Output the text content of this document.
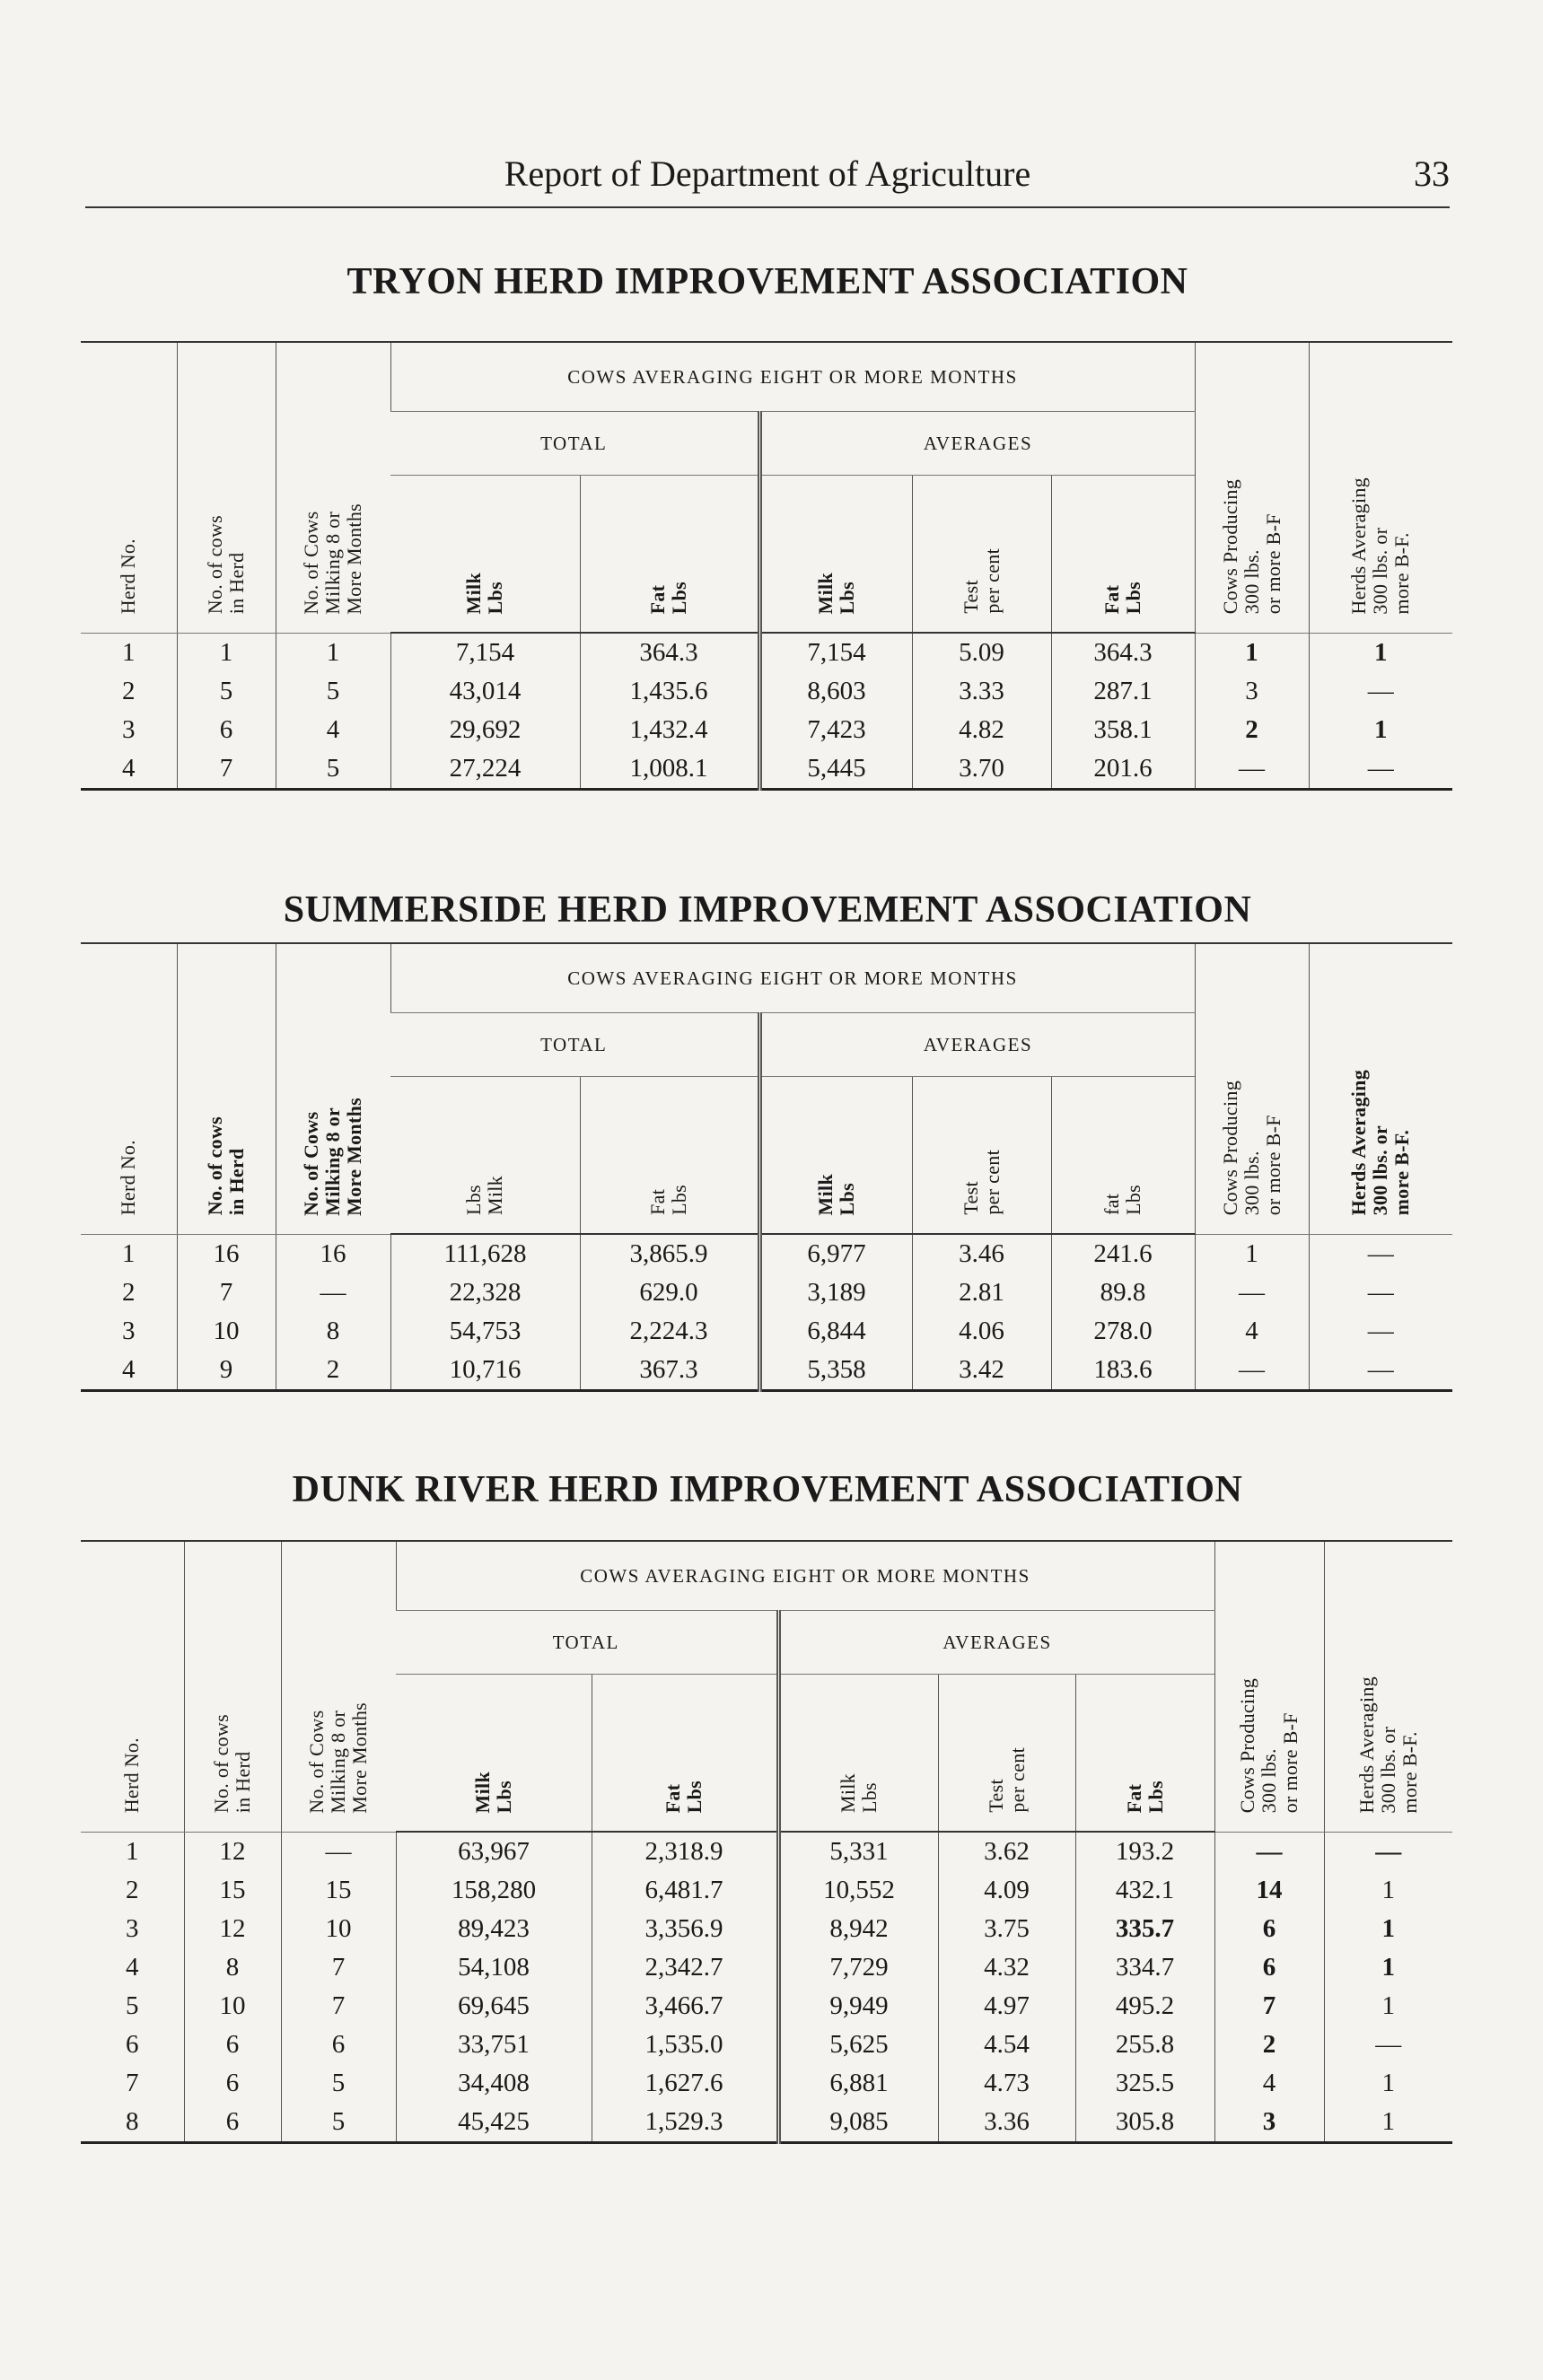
Report of Department of Agriculture	33
TRYON HERD IMPROVEMENT ASSOCIATION
Herd No.	No. of cows
in Herd	No. of Cows
Milking 8 or
More Months	COWS AVERAGING EIGHT OR MORE MONTHS					Cows Producing
300 lbs.
or more B-F	Herds Averaging
300 lbs. or
more B-F.
			TOTAL		AVERAGES				
			Milk
Lbs	Fat
Lbs	Milk
Lbs	Test
per cent	Fat
Lbs		
1	1	1	7,154	364.3	7,154	5.09	364.3	1	1
2	5	5	43,014	1,435.6	8,603	3.33	287.1	3	—
3	6	4	29,692	1,432.4	7,423	4.82	358.1	2	1
4	7	5	27,224	1,008.1	5,445	3.70	201.6	—	—
SUMMERSIDE HERD IMPROVEMENT ASSOCIATION
Herd No.	No. of cows
in Herd	No. of Cows
Milking 8 or
More Months	COWS AVERAGING EIGHT OR MORE MONTHS					Cows Producing
300 lbs.
or more B-F	Herds Averaging
300 lbs. or
more B-F.
			TOTAL		AVERAGES				
			Lbs
Milk	Fat
Lbs	Milk
Lbs	Test
per cent	fat
Lbs		
1	16	16	111,628	3,865.9	6,977	3.46	241.6	1	—
2	7	—	22,328	629.0	3,189	2.81	89.8	—	—
3	10	8	54,753	2,224.3	6,844	4.06	278.0	4	—
4	9	2	10,716	367.3	5,358	3.42	183.6	—	—
DUNK RIVER HERD IMPROVEMENT ASSOCIATION
Herd No.	No. of cows
in Herd	No. of Cows
Milking 8 or
More Months	COWS AVERAGING EIGHT OR MORE MONTHS					Cows Producing
300 lbs.
or more B-F	Herds Averaging
300 lbs. or
more B-F.
			TOTAL		AVERAGES				
			Milk
Lbs	Fat
Lbs	Milk
Lbs	Test
per cent	Fat
Lbs		
1	12	—	63,967	2,318.9	5,331	3.62	193.2	—	—
2	15	15	158,280	6,481.7	10,552	4.09	432.1	14	1
3	12	10	89,423	3,356.9	8,942	3.75	335.7	6	1
4	8	7	54,108	2,342.7	7,729	4.32	334.7	6	1
5	10	7	69,645	3,466.7	9,949	4.97	495.2	7	1
6	6	6	33,751	1,535.0	5,625	4.54	255.8	2	—
7	6	5	34,408	1,627.6	6,881	4.73	325.5	4	1
8	6	5	45,425	1,529.3	9,085	3.36	305.8	3	1
